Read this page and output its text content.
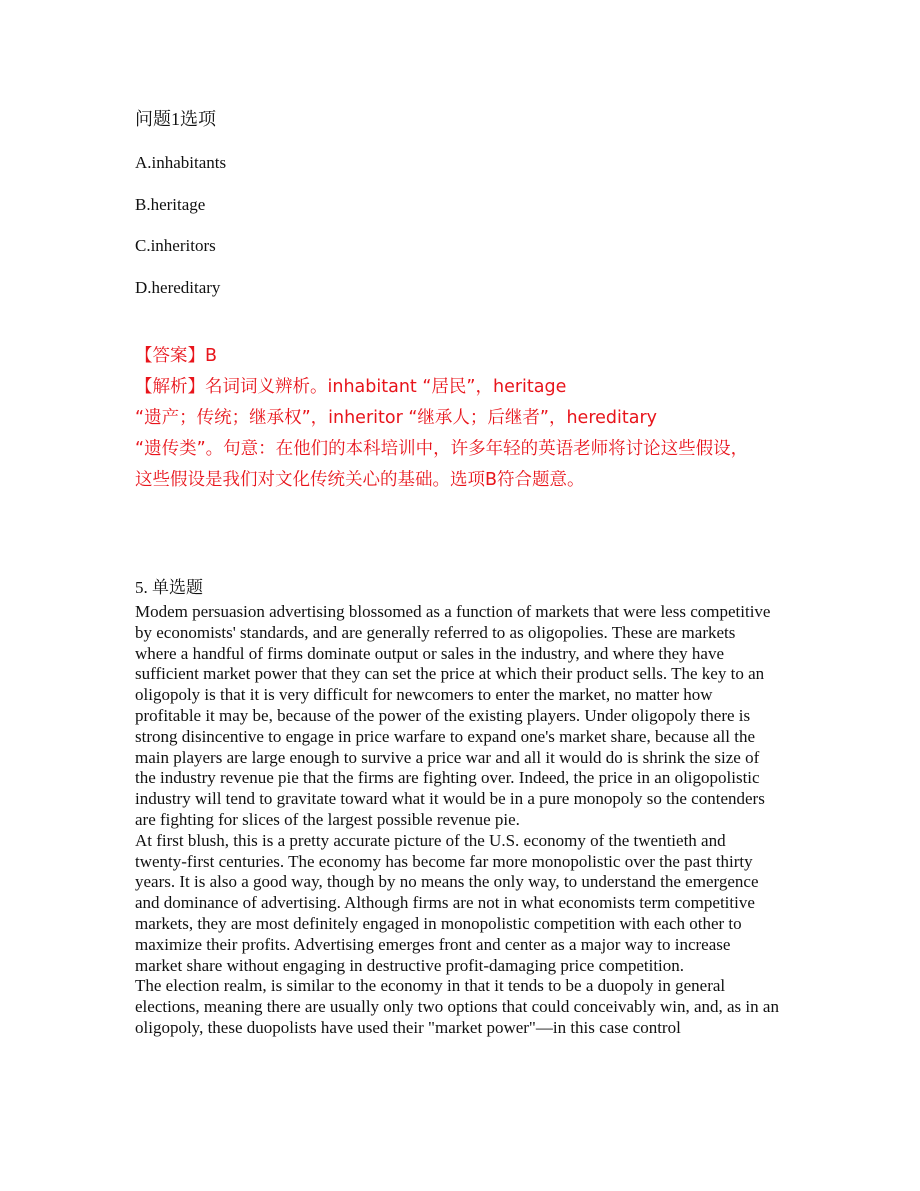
问题1选项
A.inhabitants
B.heritage
C.inheritors
D.hereditary
【答案】B
【解析】名词词义辨析。inhabitant “居民”，heritage
“遗产；传统；继承权”，inheritor “继承人；后继者”，hereditary
“遗传类”。句意：在他们的本科培训中，许多年轻的英语老师将讨论这些假设，
这些假设是我们对文化传统关心的基础。选项B符合题意。
5. 单选题

Modem persuasion advertising blossomed as a function of markets that were less competitive by economists' standards, and are generally referred to as oligopolies. These are markets where a handful of firms dominate output or sales in the industry, and where they have sufficient market power that they can set the price at which their product sells. The key to an oligopoly is that it is very difficult for newcomers to enter the market, no matter how profitable it may be, because of the power of the existing players. Under oligopoly there is strong disincentive to engage in price warfare to expand one's market share, because all the main players are large enough to survive a price war and all it would do is shrink the size of the industry revenue pie that the firms are fighting over. Indeed, the price in an oligopolistic industry will tend to gravitate toward what it would be in a pure monopoly so the contenders are fighting for slices of the largest possible revenue pie.

At first blush, this is a pretty accurate picture of the U.S. economy of the twentieth and twenty-first centuries. The economy has become far more monopolistic over the past thirty years. It is also a good way, though by no means the only way, to understand the emergence and dominance of advertising. Although firms are not in what economists term competitive markets, they are most definitely engaged in monopolistic competition with each other to maximize their profits. Advertising emerges front and center as a major way to increase market share without engaging in destructive profit-damaging price competition.

The election realm, is similar to the economy in that it tends to be a duopoly in general elections, meaning there are usually only two options that could conceivably win, and, as in an oligopoly, these duopolists have used their "market power"—in this case control
